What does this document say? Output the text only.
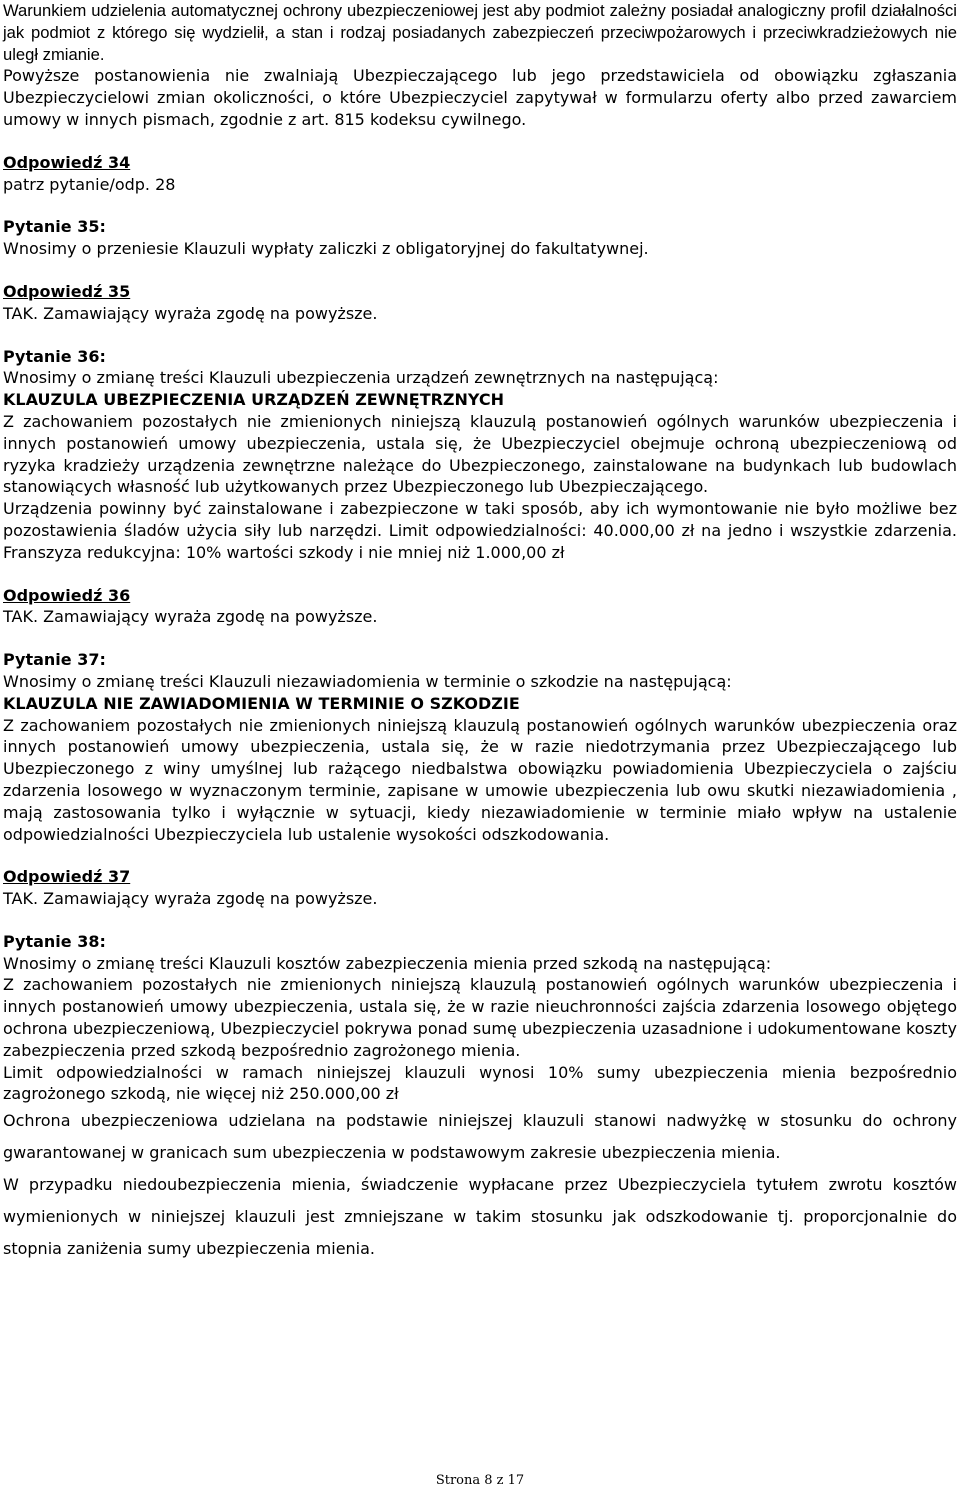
Warunkiem udzielenia automatycznej ochrony ubezpieczeniowej jest aby podmiot zależny posiadał analogiczny profil działalności jak podmiot z którego się wydzielił, a stan i rodzaj posiadanych zabezpieczeń przeciwpożarowych i przeciwkradzieżowych nie uległ zmianie.

Powyższe postanowienia nie zwalniają Ubezpieczającego lub jego przedstawiciela od obowiązku zgłaszania Ubezpieczycielowi zmian okoliczności, o które Ubezpieczyciel zapytywał w formularzu oferty albo przed zawarciem umowy w innych pismach, zgodnie z art. 815 kodeksu cywilnego.

Odpowiedź 34

patrz pytanie/odp. 28

Pytanie 35:

Wnosimy o przeniesie Klauzuli wypłaty zaliczki z obligatoryjnej do fakultatywnej.

Odpowiedź 35

TAK. Zamawiający wyraża zgodę na powyższe.

Pytanie 36:

Wnosimy o zmianę treści Klauzuli ubezpieczenia urządzeń zewnętrznych na następującą:

KLAUZULA UBEZPIECZENIA URZĄDZEŃ ZEWNĘTRZNYCH

Z zachowaniem pozostałych nie zmienionych niniejszą klauzulą postanowień ogólnych warunków ubezpieczenia i innych postanowień umowy ubezpieczenia, ustala się, że Ubezpieczyciel obejmuje ochroną ubezpieczeniową od ryzyka kradzieży urządzenia zewnętrzne należące do Ubezpieczonego, zainstalowane na budynkach lub budowlach stanowiących własność lub użytkowanych przez Ubezpieczonego lub Ubezpieczającego.

Urządzenia powinny być zainstalowane i zabezpieczone w taki sposób, aby ich wymontowanie nie było możliwe bez pozostawienia śladów użycia siły lub narzędzi. Limit odpowiedzialności: 40.000,00 zł na jedno i wszystkie zdarzenia. Franszyza redukcyjna: 10% wartości szkody i nie mniej niż 1.000,00 zł

Odpowiedź 36

TAK. Zamawiający wyraża zgodę na powyższe.

Pytanie 37:

Wnosimy o zmianę treści Klauzuli niezawiadomienia w terminie o szkodzie na następującą:

KLAUZULA NIE ZAWIADOMIENIA W TERMINIE O SZKODZIE

Z zachowaniem pozostałych nie zmienionych niniejszą klauzulą postanowień ogólnych warunków ubezpieczenia oraz innych postanowień umowy ubezpieczenia, ustala się, że w razie niedotrzymania przez Ubezpieczającego lub Ubezpieczonego z winy umyślnej lub rażącego niedbalstwa obowiązku powiadomienia Ubezpieczyciela o zajściu zdarzenia losowego w wyznaczonym terminie, zapisane w umowie ubezpieczenia lub owu skutki niezawiadomienia , mają zastosowania tylko i wyłącznie w sytuacji, kiedy niezawiadomienie w terminie miało wpływ na ustalenie odpowiedzialności Ubezpieczyciela lub ustalenie wysokości odszkodowania.

Odpowiedź 37

TAK. Zamawiający wyraża zgodę na powyższe.

Pytanie 38:

Wnosimy o zmianę treści Klauzuli kosztów zabezpieczenia mienia przed szkodą na następującą:

Z zachowaniem pozostałych nie zmienionych niniejszą klauzulą postanowień ogólnych warunków ubezpieczenia i innych postanowień umowy ubezpieczenia, ustala się, że w razie nieuchronności zajścia zdarzenia losowego objętego ochrona ubezpieczeniową, Ubezpieczyciel pokrywa ponad sumę ubezpieczenia uzasadnione i udokumentowane koszty zabezpieczenia przed szkodą bezpośrednio zagrożonego mienia.

Limit odpowiedzialności w ramach niniejszej klauzuli wynosi 10% sumy ubezpieczenia mienia bezpośrednio zagrożonego szkodą, nie więcej niż 250.000,00 zł

Ochrona ubezpieczeniowa udzielana na podstawie niniejszej klauzuli stanowi nadwyżkę w stosunku do ochrony gwarantowanej w granicach sum ubezpieczenia w podstawowym zakresie ubezpieczenia mienia.

W przypadku niedoubezpieczenia mienia, świadczenie wypłacane przez Ubezpieczyciela tytułem zwrotu kosztów wymienionych w niniejszej klauzuli jest zmniejszane w takim stosunku jak odszkodowanie tj. proporcjonalnie do stopnia zaniżenia sumy ubezpieczenia mienia.

Strona 8 z 17
